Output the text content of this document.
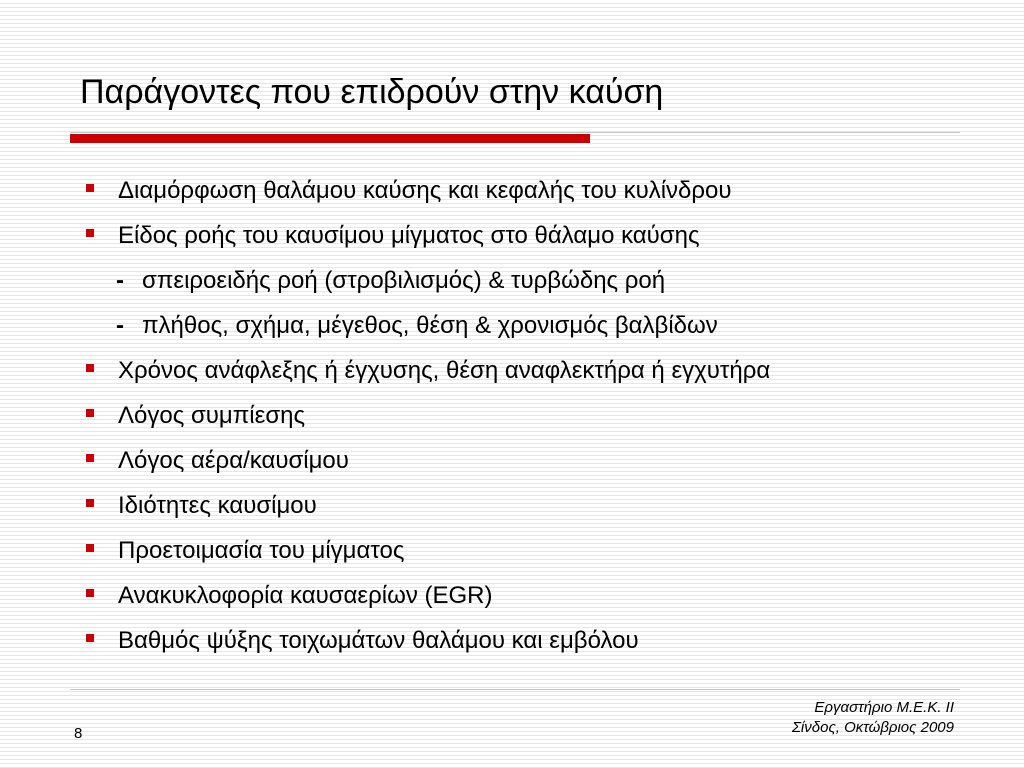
Παράγοντες που επιδρούν στην καύση
Διαμόρφωση θαλάμου καύσης και κεφαλής του κυλίνδρου
Είδος ροής του καυσίμου μίγματος στο θάλαμο καύσης
- σπειροειδής ροή (στροβιλισμός) & τυρβώδης ροή
- πλήθος, σχήμα, μέγεθος, θέση & χρονισμός βαλβίδων
Χρόνος ανάφλεξης ή έγχυσης, θέση αναφλεκτήρα ή εγχυτήρα
Λόγος συμπίεσης
Λόγος αέρα/καυσίμου
Ιδιότητες καυσίμου
Προετοιμασία του μίγματος
Ανακυκλοφορία καυσαερίων (EGR)
Βαθμός ψύξης τοιχωμάτων θαλάμου και εμβόλου
Εργαστήριο Μ.Ε.Κ. ΙΙ
Σίνδος, Οκτώβριος 2009
8
